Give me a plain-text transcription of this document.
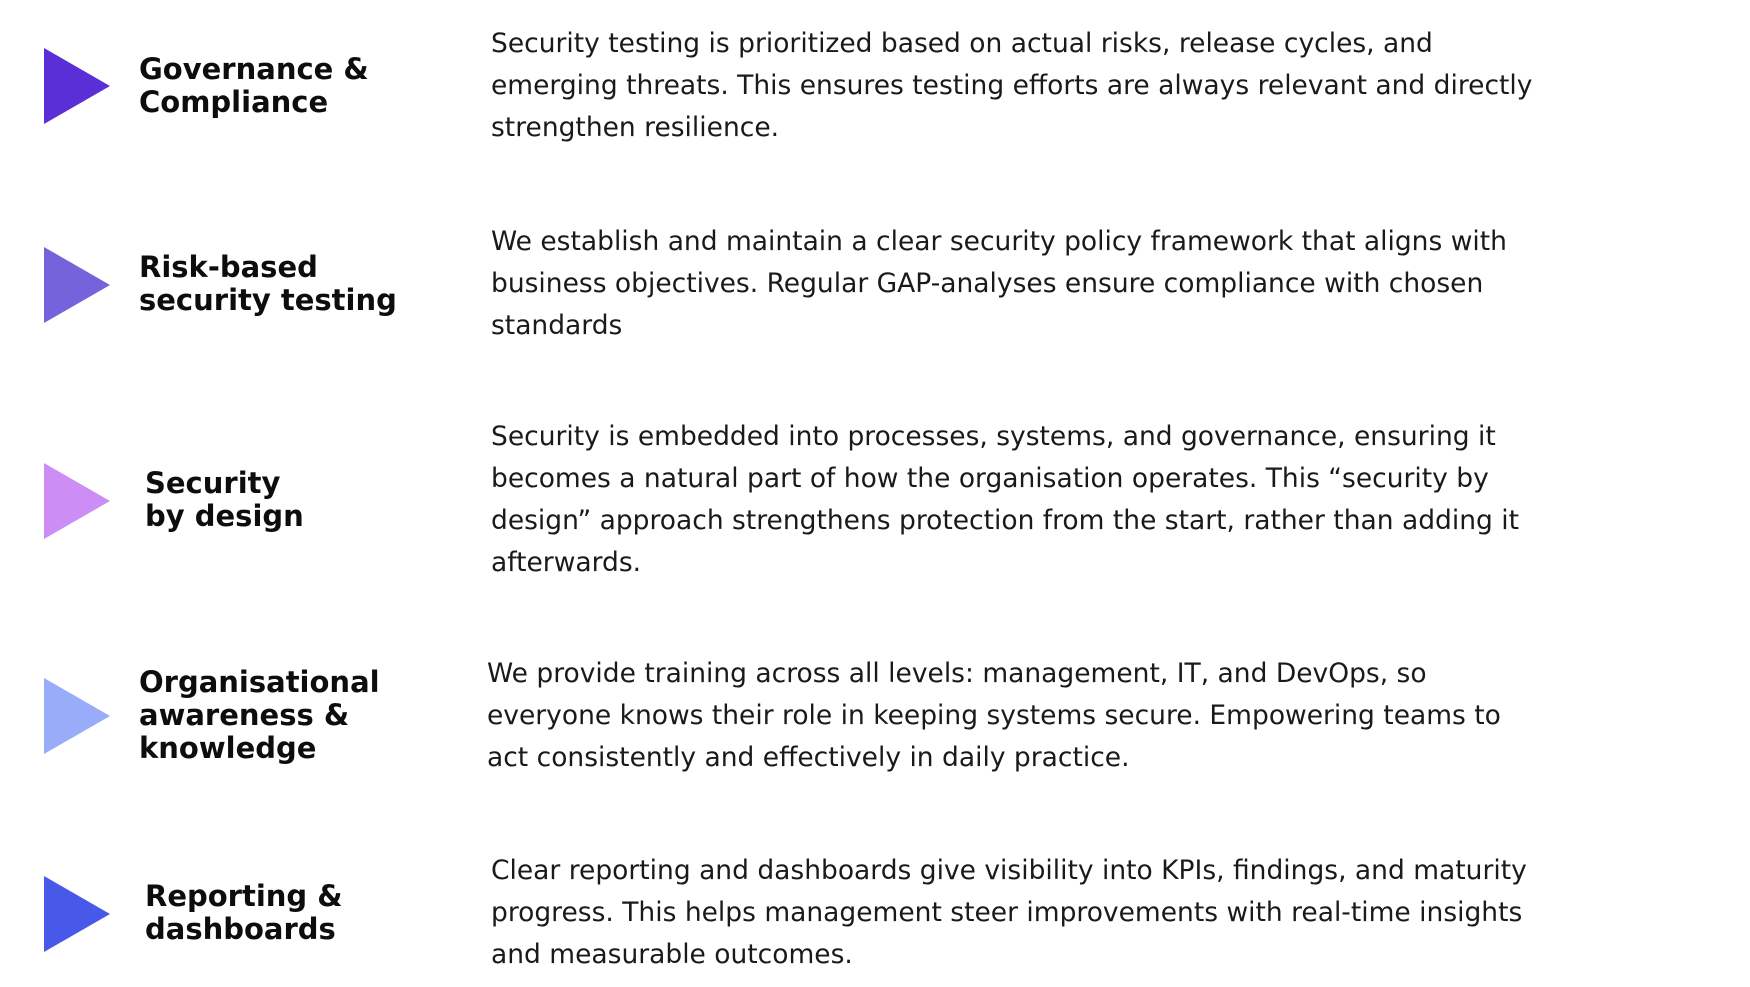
Governance &
Compliance
Security testing is prioritized based on actual risks, release cycles, and
emerging threats. This ensures testing efforts are always relevant and directly
strengthen resilience.
Risk-based
security testing
We establish and maintain a clear security policy framework that aligns with
business objectives. Regular GAP-analyses ensure compliance with chosen
standards
Security
by design
Security is embedded into processes, systems, and governance, ensuring it
becomes a natural part of how the organisation operates. This “security by
design” approach strengthens protection from the start, rather than adding it
afterwards.
Organisational
awareness &
knowledge
We provide training across all levels: management, IT, and DevOps, so
everyone knows their role in keeping systems secure. Empowering teams to
act consistently and effectively in daily practice.
Reporting &
dashboards
Clear reporting and dashboards give visibility into KPIs, findings, and maturity
progress. This helps management steer improvements with real-time insights
and measurable outcomes.
